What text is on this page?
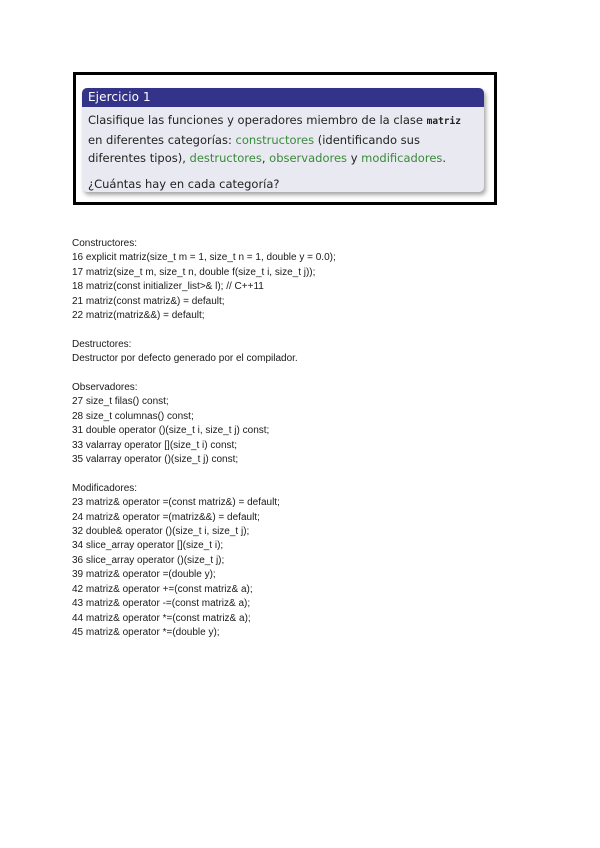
Ejercicio 1

Clasifique las funciones y operadores miembro de la clase matriz en diferentes categorías: constructores (identificando sus diferentes tipos), destructores, observadores y modificadores.

¿Cuántas hay en cada categoría?

Constructores:

16 explicit matriz(size_t m = 1, size_t n = 1, double y = 0.0);

17 matriz(size_t m, size_t n, double f(size_t i, size_t j));

18 matriz(const initializer_list>& l); // C++11

21 matriz(const matriz&) = default;

22 matriz(matriz&&) = default;

Destructores:

Destructor por defecto generado por el compilador.

Observadores:

27 size_t filas() const;

28 size_t columnas() const;

31 double operator ()(size_t i, size_t j) const;

33 valarray operator [](size_t i) const;

35 valarray operator ()(size_t j) const;

Modificadores:

23 matriz& operator =(const matriz&) = default;

24 matriz& operator =(matriz&&) = default;

32 double& operator ()(size_t i, size_t j);

34 slice_array operator [](size_t i);

36 slice_array operator ()(size_t j);

39 matriz& operator =(double y);

42 matriz& operator +=(const matriz& a);

43 matriz& operator -=(const matriz& a);

44 matriz& operator *=(const matriz& a);

45 matriz& operator *=(double y);
